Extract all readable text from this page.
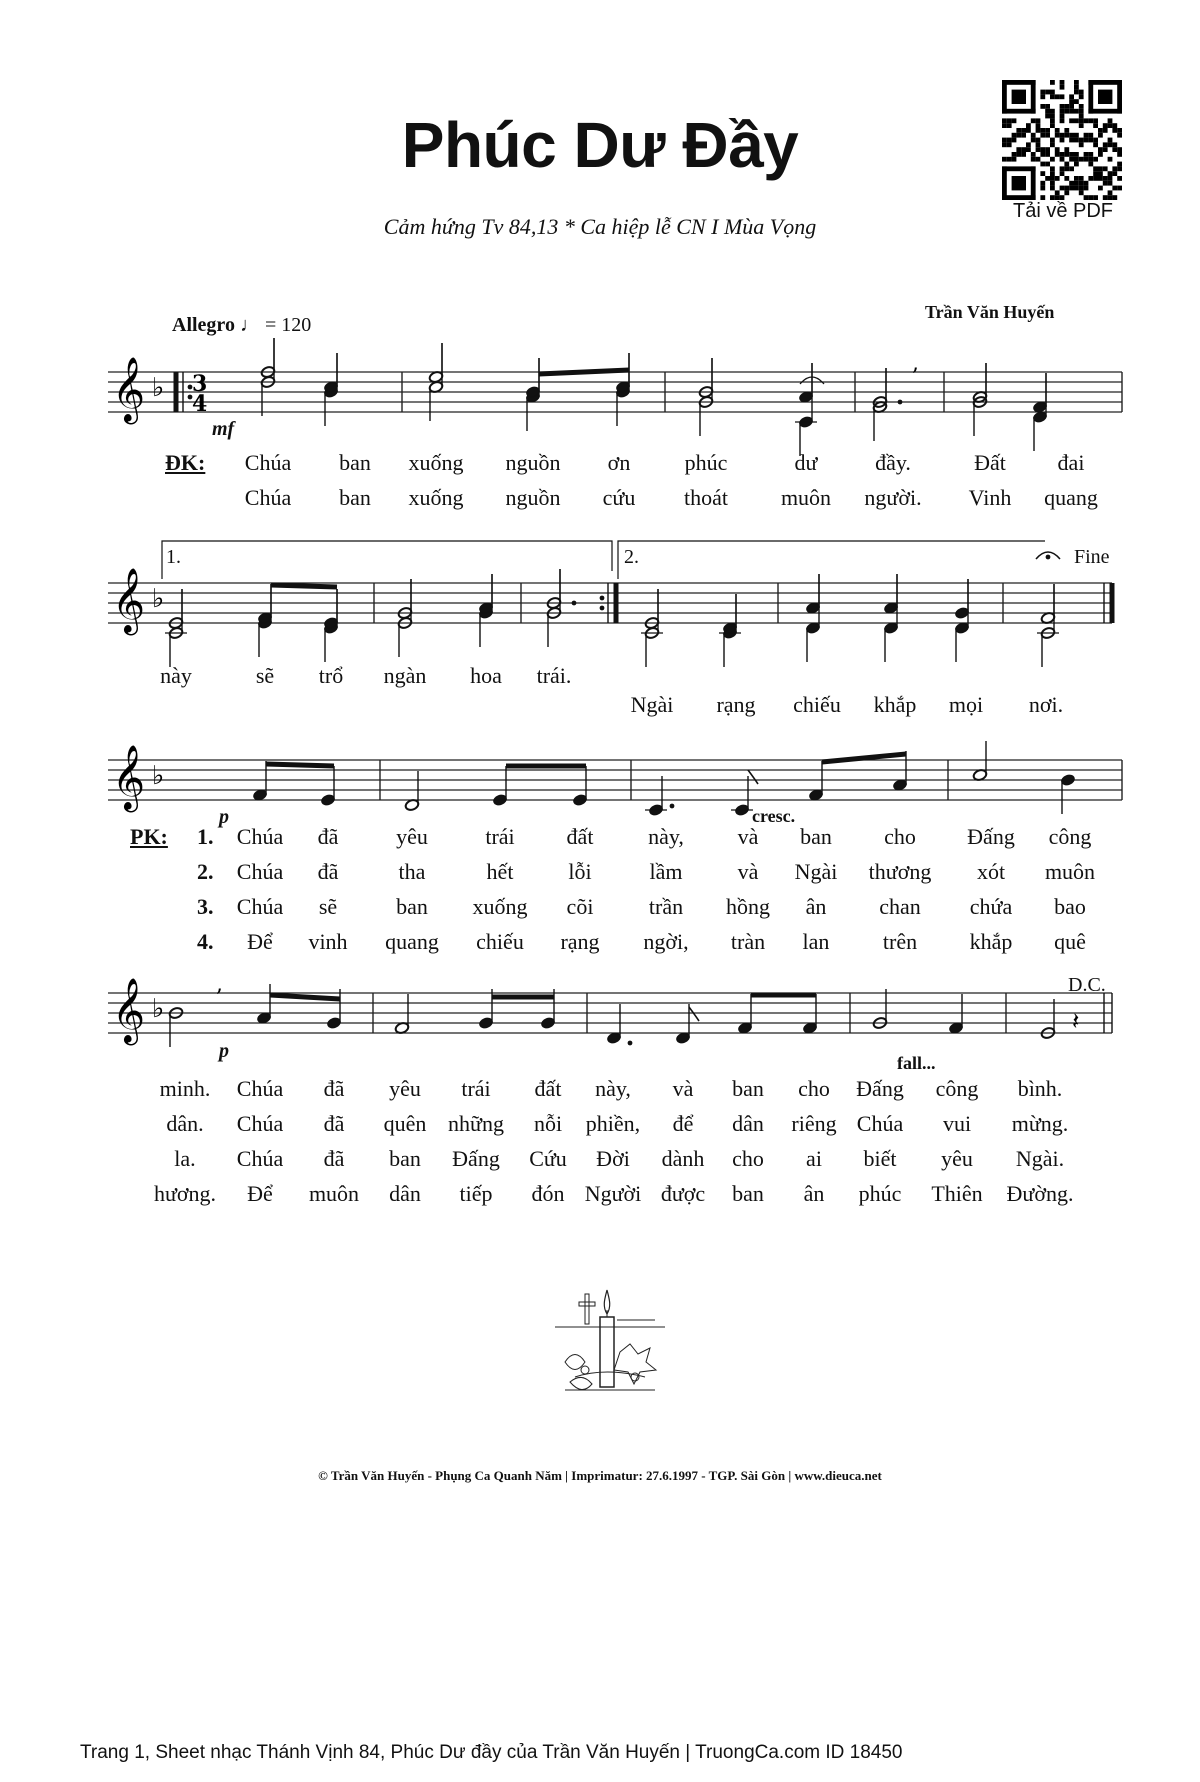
Phúc Dư Đầy
Cảm hứng Tv 84,13 * Ca hiệp lễ CN I Mùa Vọng
Tải về PDF
Allegro ♩ = 120
Trần Văn Huyến
𝄞 ♭ 3
4
,
𝄞 ♭
𝄞 ♭
𝄞 ♭
,
𝄽
mf
p	cresc.
p
fall...
1.	2.	Fine
D.C.
ĐK:
PK:
Chúa ban xuống nguồn ơn phúc	dư	đầy.	Đất đai
Chúa ban xuống nguồn cứu thoát muôn người. Vinh quang
này	sẽ trổ ngàn hoa trái.
Ngài rạng chiếu khắp mọi nơi.
1.
2.
3.
4.
Chúa đã	yêu	trái đất này, và ban cho Đấng công
Chúa đã	tha	hết lỗi	lầm	và Ngài thương xót muôn
Chúa sẽ	ban xuống cõi	trần hồng ân chan chứa bao
Để vinh quang chiếu rạng ngời, tràn lan trên khắp quê
minh. Chúa đã yêu trái đất này, và ban cho Đấng công bình.
dân. Chúa đã quên những nỗi phiền, để dân riêng Chúa vui mừng.
la. Chúa đã ban Đấng Cứu Đời dành cho ai biết yêu Ngài.
hương. Để muôn dân tiếp đón Người được ban ân phúc Thiên Đường.
© Trần Văn Huyến - Phụng Ca Quanh Năm | Imprimatur: 27.6.1997 - TGP. Sài Gòn | www.dieuca.net
Trang 1, Sheet nhạc Thánh Vịnh 84, Phúc Dư đầy của Trần Văn Huyến | TruongCa.com ID 18450
